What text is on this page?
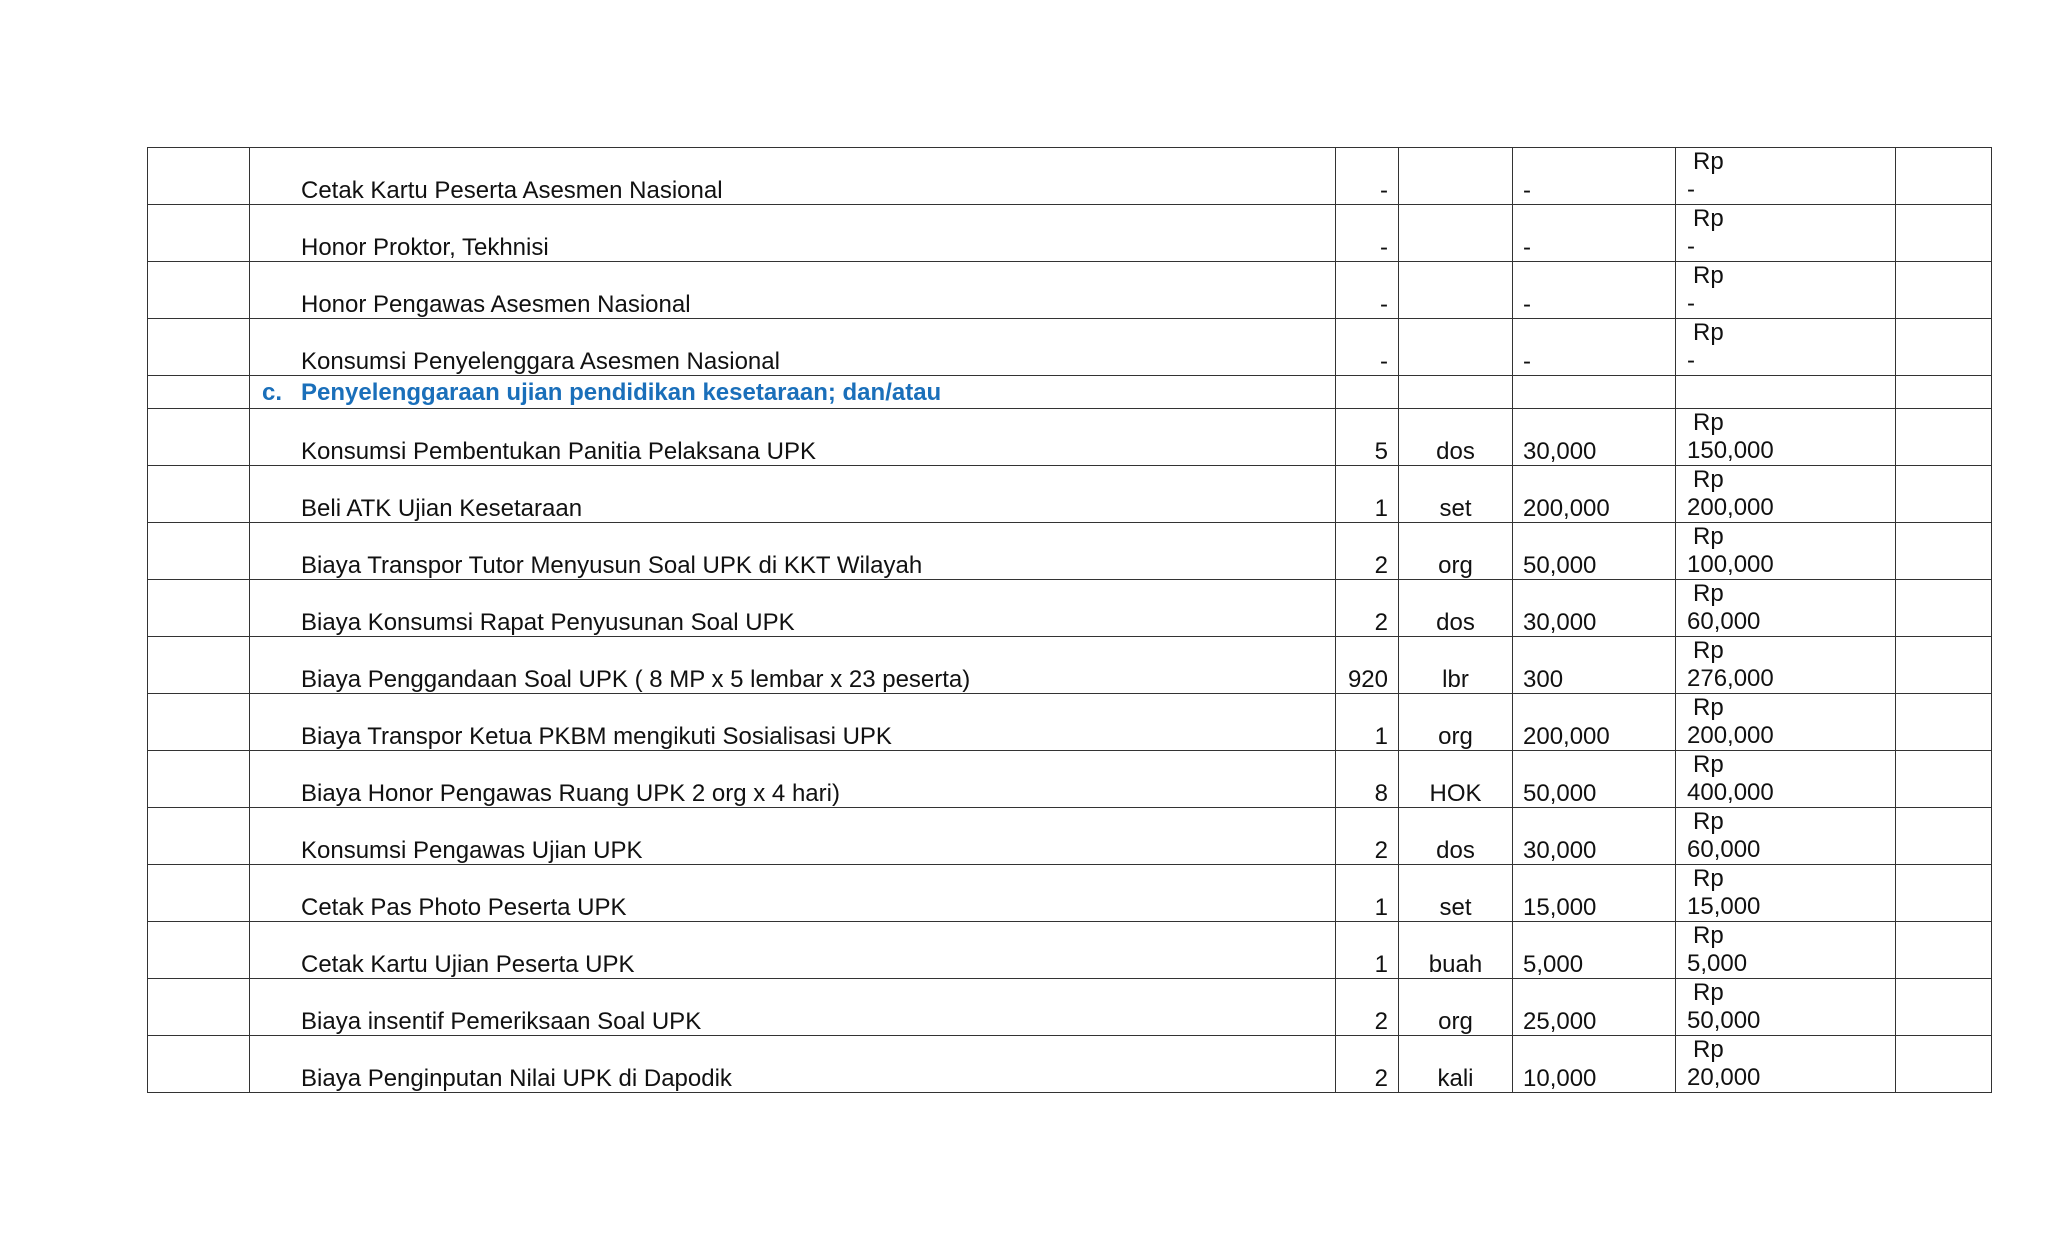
	Cetak Kartu Peserta Asesmen Nasional	-		-	Rp
-	

	Honor Proktor, Tekhnisi	-		-	Rp
-	

	Honor Pengawas Asesmen Nasional	-		-	Rp
-	

	Konsumsi Penyelenggara Asesmen Nasional	-		-	Rp
-	

	c. Penyelenggaraan ujian pendidikan kesetaraan; dan/atau					

	Konsumsi Pembentukan Panitia Pelaksana UPK	5	dos	30,000	Rp
150,000	

	Beli ATK Ujian Kesetaraan	1	set	200,000	Rp
200,000	

	Biaya Transpor Tutor Menyusun Soal UPK di KKT Wilayah	2	org	50,000	Rp
100,000	

	Biaya Konsumsi Rapat Penyusunan Soal UPK	2	dos	30,000	Rp
60,000	

	Biaya Penggandaan Soal UPK ( 8 MP x 5 lembar x 23 peserta)	920	lbr	300	Rp
276,000	

	Biaya Transpor Ketua PKBM mengikuti Sosialisasi UPK	1	org	200,000	Rp
200,000	

	Biaya Honor Pengawas Ruang UPK 2 org x 4 hari)	8	HOK	50,000	Rp
400,000	

	Konsumsi Pengawas Ujian UPK	2	dos	30,000	Rp
60,000	

	Cetak Pas Photo Peserta UPK	1	set	15,000	Rp
15,000	

	Cetak Kartu Ujian Peserta UPK	1	buah	5,000	Rp
5,000	

	Biaya insentif Pemeriksaan Soal UPK	2	org	25,000	Rp
50,000	

	Biaya Penginputan Nilai UPK di Dapodik	2	kali	10,000	Rp
20,000	
